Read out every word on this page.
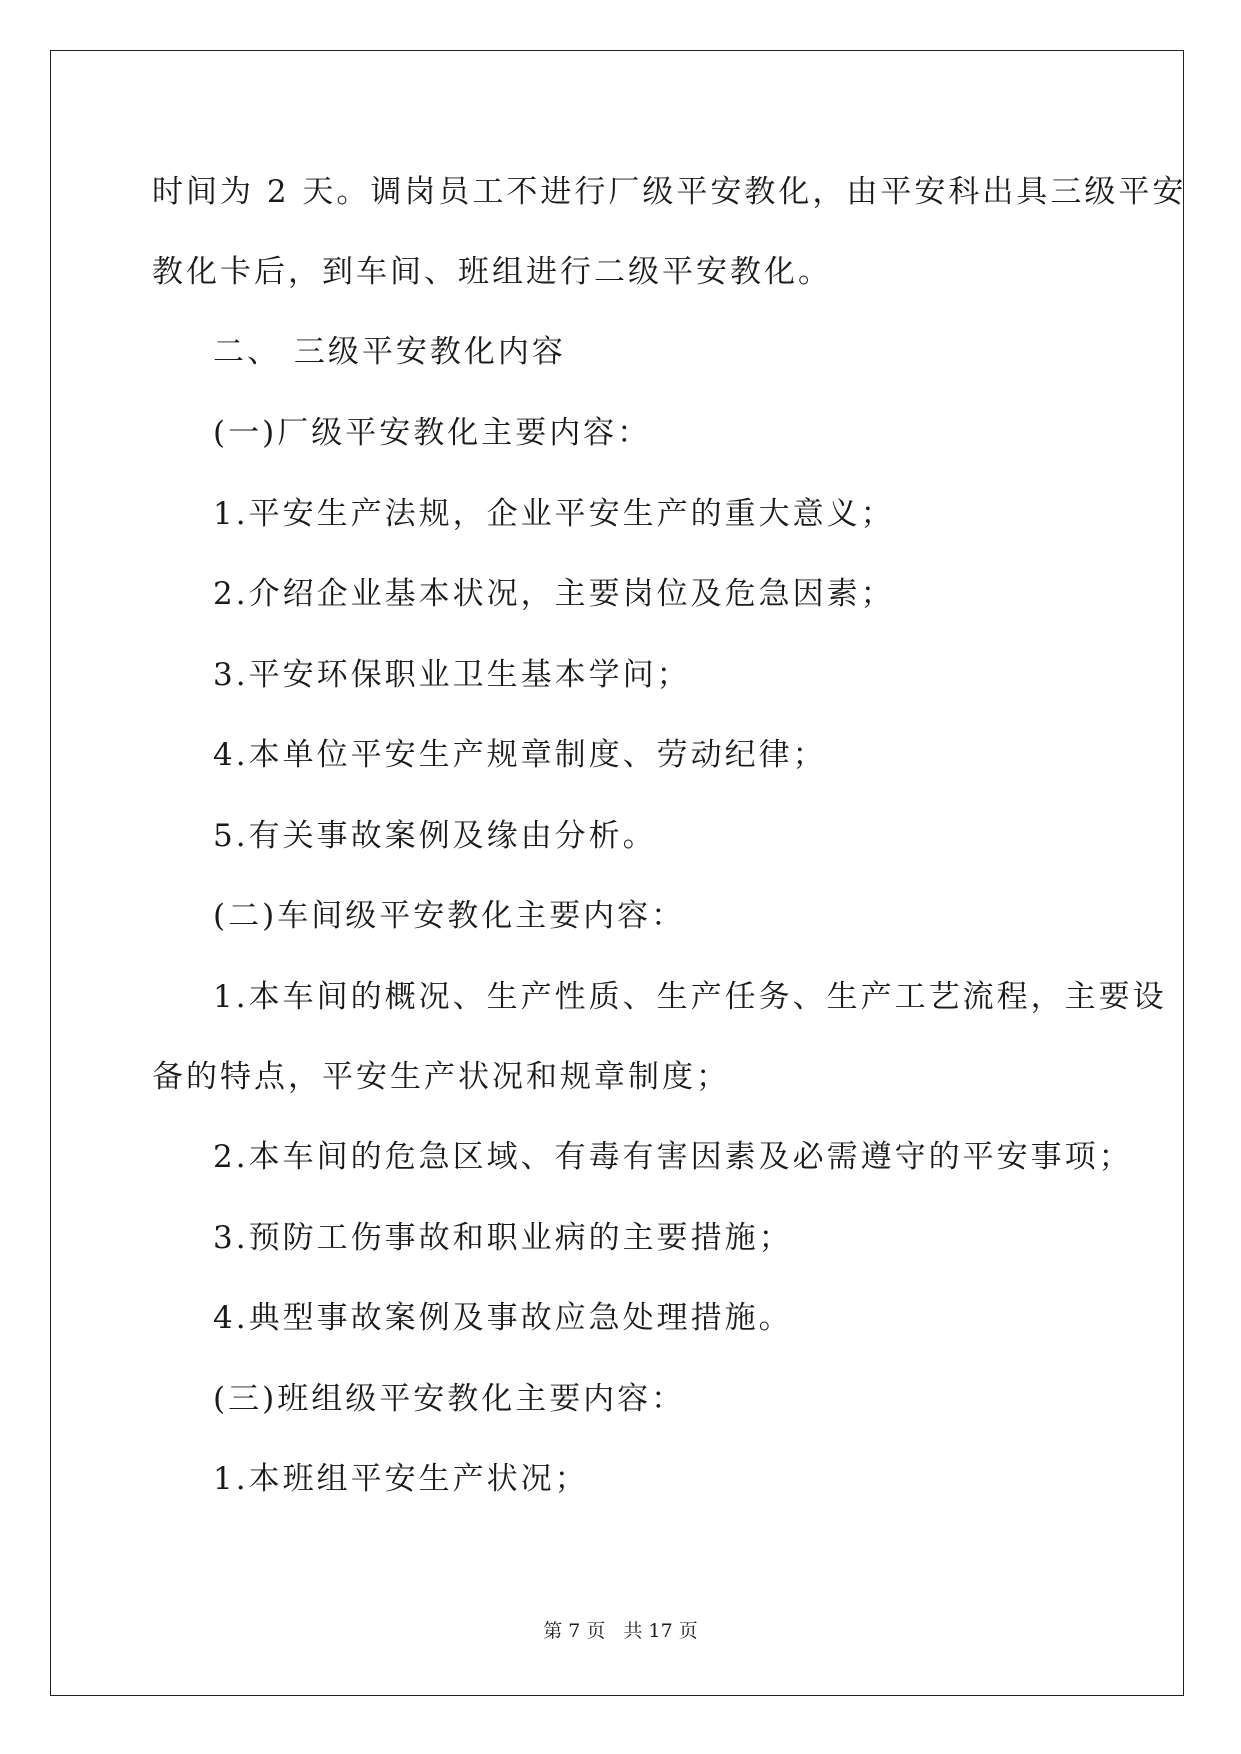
时间为 2 天。调岗员工不进行厂级平安教化，由平安科出具三级平安
教化卡后，到车间、班组进行二级平安教化。
二、 三级平安教化内容
(一)厂级平安教化主要内容：
1.平安生产法规，企业平安生产的重大意义；
2.介绍企业基本状况，主要岗位及危急因素；
3.平安环保职业卫生基本学问；
4.本单位平安生产规章制度、劳动纪律；
5.有关事故案例及缘由分析。
(二)车间级平安教化主要内容：
1.本车间的概况、生产性质、生产任务、生产工艺流程，主要设
备的特点，平安生产状况和规章制度；
2.本车间的危急区域、有毒有害因素及必需遵守的平安事项；
3.预防工伤事故和职业病的主要措施；
4.典型事故案例及事故应急处理措施。
(三)班组级平安教化主要内容：
1.本班组平安生产状况；
第 7 页   共 17 页
